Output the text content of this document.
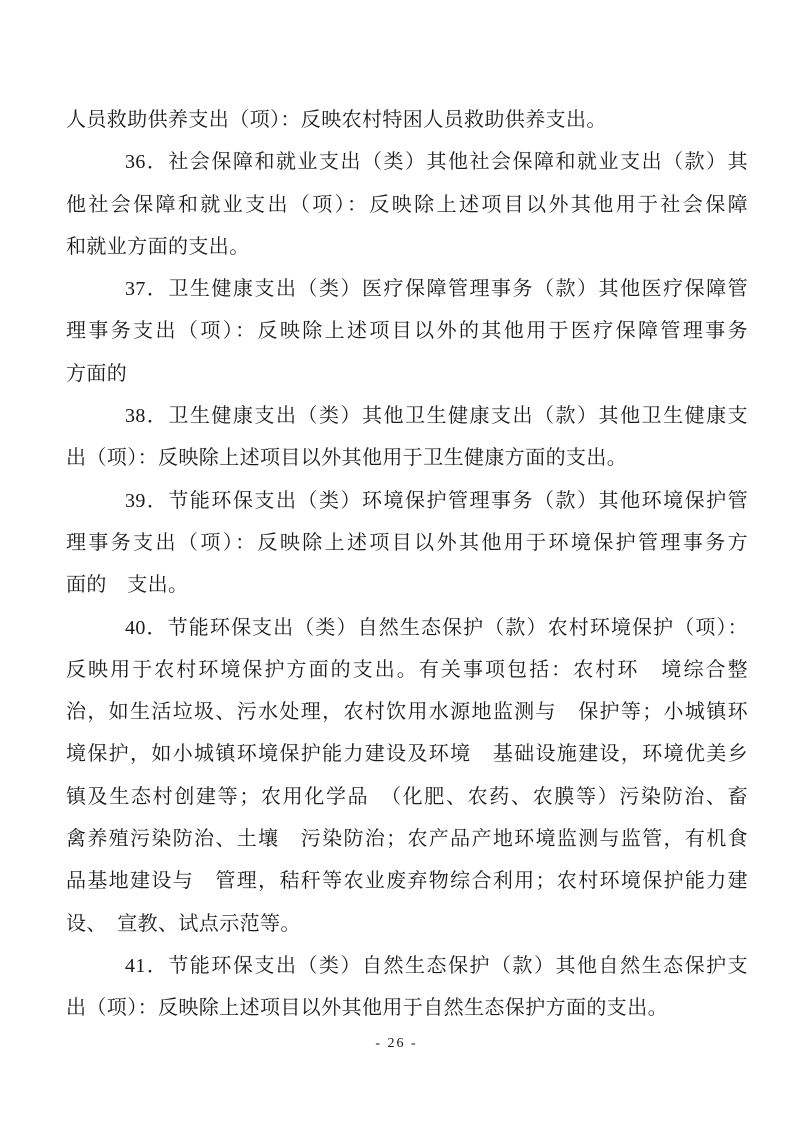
人员救助供养支出（项）：反映农村特困人员救助供养支出。
36．社会保障和就业支出（类）其他社会保障和就业支出（款）其
他社会保障和就业支出（项）：反映除上述项目以外其他用于社会保障
和就业方面的支出。
37．卫生健康支出（类）医疗保障管理事务（款）其他医疗保障管
理事务支出（项）：反映除上述项目以外的其他用于医疗保障管理事务
方面的
38．卫生健康支出（类）其他卫生健康支出（款）其他卫生健康支
出（项）：反映除上述项目以外其他用于卫生健康方面的支出。
39．节能环保支出（类）环境保护管理事务（款）其他环境保护管
理事务支出（项）：反映除上述项目以外其他用于环境保护管理事务方
面的　支出。
40．节能环保支出（类）自然生态保护（款）农村环境保护（项）：
反映用于农村环境保护方面的支出。有关事项包括：农村环　境综合整
治，如生活垃圾、污水处理，农村饮用水源地监测与　保护等；小城镇环
境保护，如小城镇环境保护能力建设及环境　基础设施建设，环境优美乡
镇及生态村创建等；农用化学品　（化肥、农药、农膜等）污染防治、畜
禽养殖污染防治、土壤　污染防治；农产品产地环境监测与监管，有机食
品基地建设与　管理，秸秆等农业废弃物综合利用；农村环境保护能力建
设、　宣教、试点示范等。
41．节能环保支出（类）自然生态保护（款）其他自然生态保护支
出（项）：反映除上述项目以外其他用于自然生态保护方面的支出。
- 26 -
